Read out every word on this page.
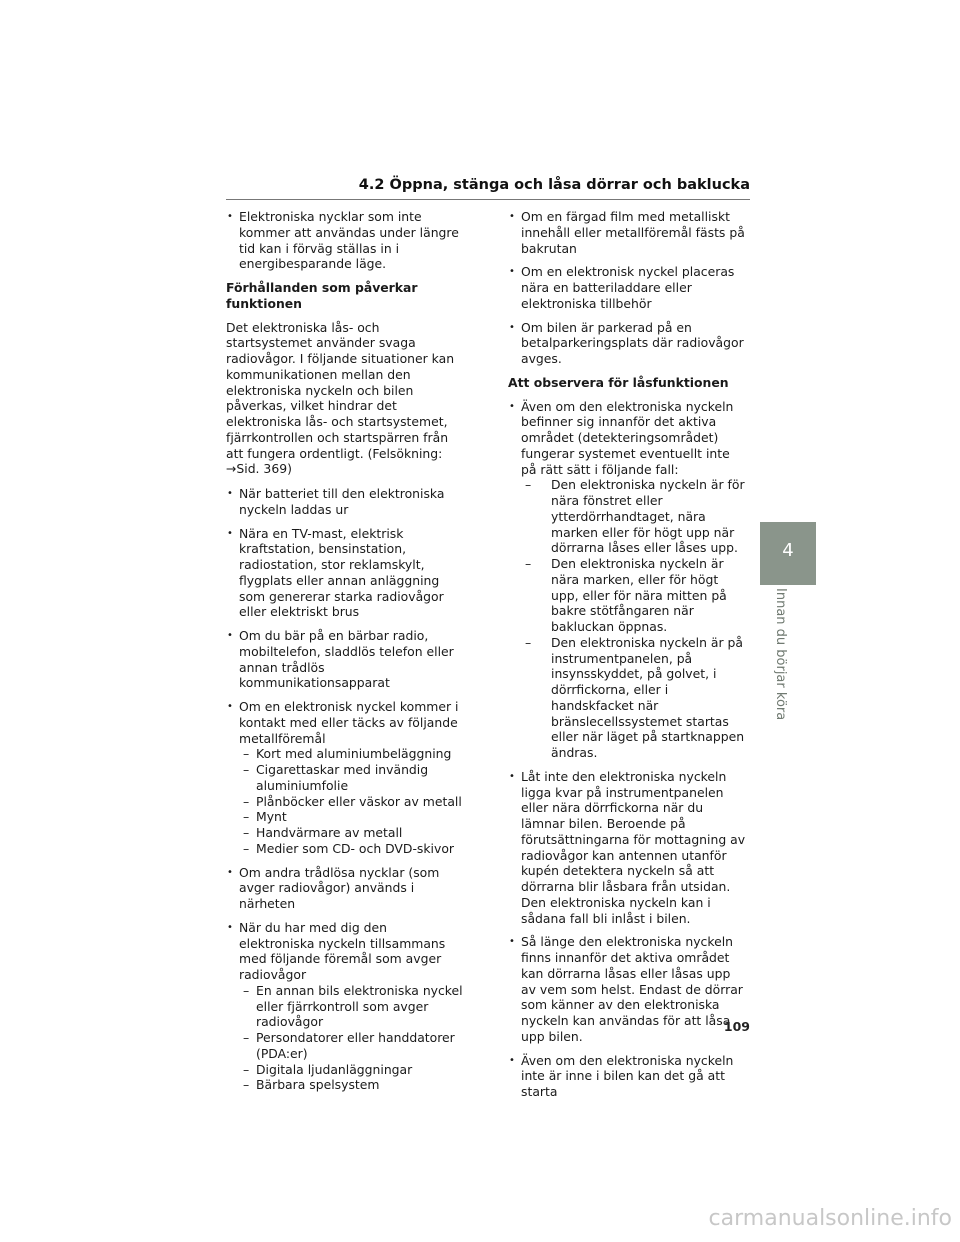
4.2 Öppna, stänga och låsa dörrar och baklucka
• Elektroniska nycklar som inte kommer att användas under längre tid kan i förväg ställas in i energibesparande läge.
Förhållanden som påverkar funktionen

Det elektroniska lås- och startsystemet använder svaga radiovågor. I följande situationer kan kommunikationen mellan den elektroniska nyckeln och bilen påverkas, vilket hindrar det elektroniska lås- och startsystemet, fjärrkontrollen och startspärren från att fungera ordentligt. (Felsökning: →Sid. 369)

• När batteriet till den elektroniska nyckeln laddas ur
• Nära en TV-mast, elektrisk kraftstation, bensinstation, radiostation, stor reklamskylt, flygplats eller annan anläggning som genererar starka radiovågor eller elektriskt brus
• Om du bär på en bärbar radio, mobiltelefon, sladdlös telefon eller annan trådlös kommunikationsapparat
• Om en elektronisk nyckel kommer i kontakt med eller täcks av följande metallföremål
– Kort med aluminiumbeläggning
– Cigarettaskar med invändig aluminiumfolie
– Plånböcker eller väskor av metall
– Mynt
– Handvärmare av metall
– Medier som CD- och DVD-skivor
• Om andra trådlösa nycklar (som avger radiovågor) används i närheten
• När du har med dig den elektroniska nyckeln tillsammans med följande föremål som avger radiovågor
– En annan bils elektroniska nyckel eller fjärrkontroll som avger radiovågor
– Persondatorer eller handdatorer (PDA:er)
– Digitala ljudanläggningar
– Bärbara spelsystem
• Om en färgad film med metalliskt innehåll eller metallföremål fästs på bakrutan
• Om en elektronisk nyckel placeras nära en batteriladdare eller elektroniska tillbehör
• Om bilen är parkerad på en betalparkeringsplats där radiovågor avges.
Att observera för låsfunktionen
• Även om den elektroniska nyckeln befinner sig innanför det aktiva området (detekteringsområdet) fungerar systemet eventuellt inte på rätt sätt i följande fall:
– Den elektroniska nyckeln är för nära fönstret eller ytterdörrhandtaget, nära marken eller för högt upp när dörrarna låses eller låses upp.
– Den elektroniska nyckeln är nära marken, eller för högt upp, eller för nära mitten på bakre stötfångaren när bakluckan öppnas.
– Den elektroniska nyckeln är på instrumentpanelen, på insynsskyddet, på golvet, i dörrfickorna, eller i handskfacket när bränslecellssystemet startas eller när läget på startknappen ändras.
• Låt inte den elektroniska nyckeln ligga kvar på instrumentpanelen eller nära dörrfickorna när du lämnar bilen. Beroende på förutsättningarna för mottagning av radiovågor kan antennen utanför kupén detektera nyckeln så att dörrarna blir låsbara från utsidan. Den elektroniska nyckeln kan i sådana fall bli inlåst i bilen.
• Så länge den elektroniska nyckeln finns innanför det aktiva området kan dörrarna låsas eller låsas upp av vem som helst. Endast de dörrar som känner av den elektroniska nyckeln kan användas för att låsa upp bilen.
• Även om den elektroniska nyckeln inte är inne i bilen kan det gå att starta
4
Innan du börjar köra
109
carmanualsonline.info
